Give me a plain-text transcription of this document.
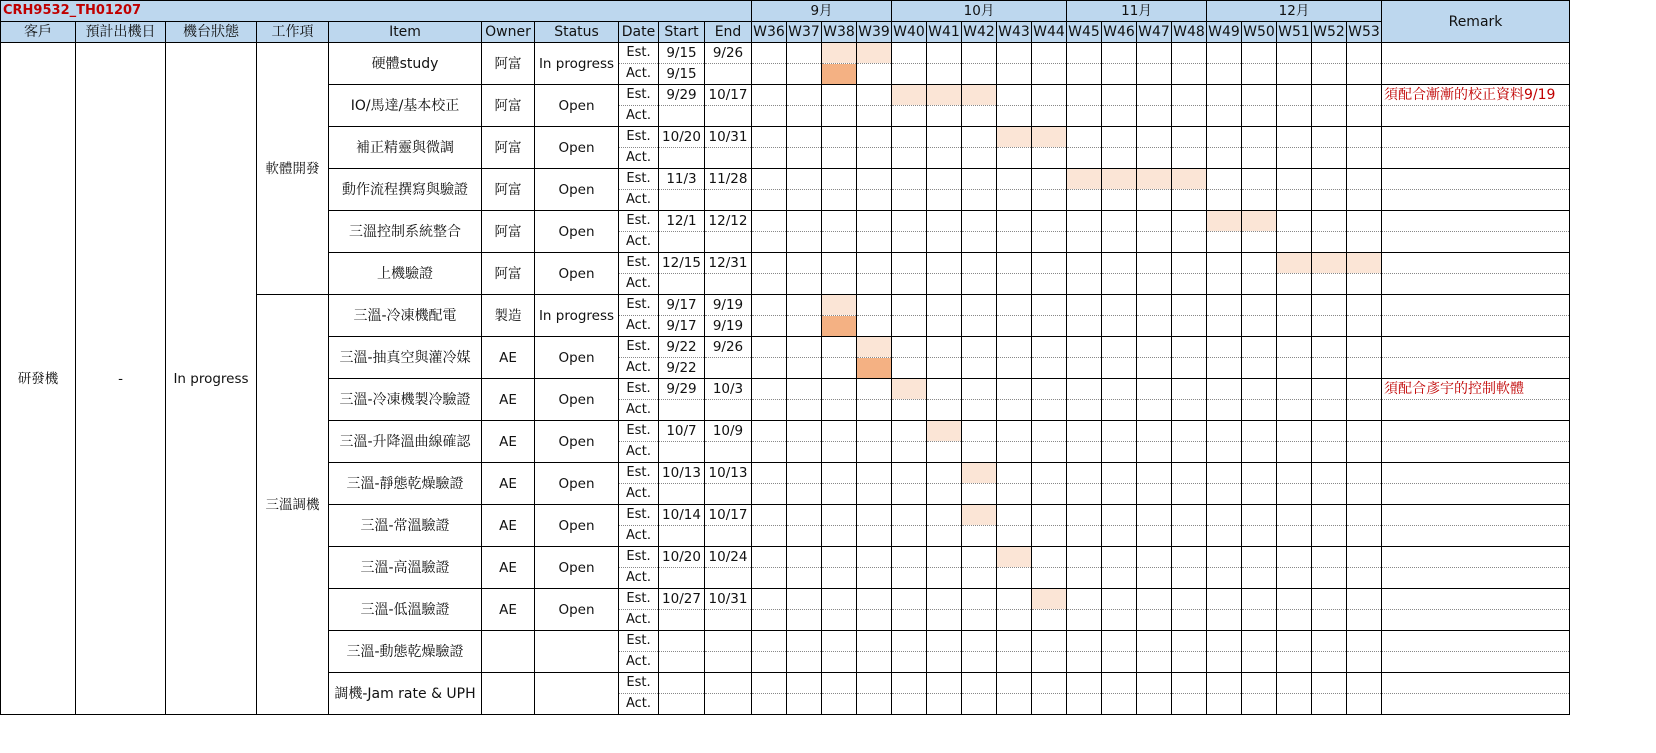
CRH9532_TH01207										9月				10月					11月				12月					Remark
客戶	預計出機日	機台狀態	工作項	Item	Owner	Status	Date	Start	End	W36	W37	W38	W39	W40	W41	W42	W43	W44	W45	W46	W47	W48	W49	W50	W51	W52	W53	
研發機	-	In progress	軟體開發	硬體study	阿富	In progress	Est.	9/15	9/26																			
							Act.	9/15																				
				IO/馬達/基本校正	阿富	Open	Est.	9/29	10/17																			須配合漸漸的校正資料9/19
							Act.																					
				補正精靈與微調	阿富	Open	Est.	10/20	10/31																			
							Act.																					
				動作流程撰寫與驗證	阿富	Open	Est.	11/3	11/28																			
							Act.																					
				三溫控制系統整合	阿富	Open	Est.	12/1	12/12																			
							Act.																					
				上機驗證	阿富	Open	Est.	12/15	12/31																			
							Act.																					
			三溫調機	三溫-冷凍機配電	製造	In progress	Est.	9/17	9/19																			
							Act.	9/17	9/19																			
				三溫-抽真空與灌冷媒	AE	Open	Est.	9/22	9/26																			
							Act.	9/22																				
				三溫-冷凍機製冷驗證	AE	Open	Est.	9/29	10/3																			須配合彥宇的控制軟體
							Act.																					
				三溫-升降溫曲線確認	AE	Open	Est.	10/7	10/9																			
							Act.																					
				三溫-靜態乾燥驗證	AE	Open	Est.	10/13	10/13																			
							Act.																					
				三溫-常溫驗證	AE	Open	Est.	10/14	10/17																			
							Act.																					
				三溫-高溫驗證	AE	Open	Est.	10/20	10/24																			
							Act.																					
				三溫-低溫驗證	AE	Open	Est.	10/27	10/31																			
							Act.																					
				三溫-動態乾燥驗證			Est.																					
							Act.																					
				調機-Jam rate & UPH			Est.																					
							Act.																					
